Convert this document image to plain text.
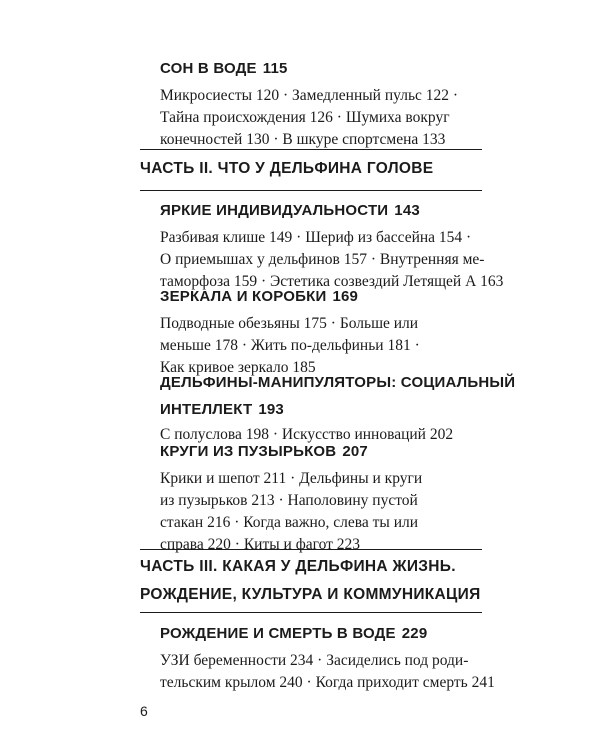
СОН В ВОДЕ 115
Микросиесты 120 · Замедленный пульс 122 ·
Тайна происхождения 126 · Шумиха вокруг
конечностей 130 · В шкуре спортсмена 133
ЧАСТЬ II. ЧТО У ДЕЛЬФИНА ГОЛОВЕ
ЯРКИЕ ИНДИВИДУАЛЬНОСТИ 143
Разбивая клише 149 · Шериф из бассейна 154 ·
О приемышах у дельфинов 157 · Внутренняя ме-
таморфоза 159 · Эстетика созвездий Летящей А 163
ЗЕРКАЛА И КОРОБКИ 169
Подводные обезьяны 175 · Больше или
меньше 178 · Жить по-дельфиньи 181 ·
Как кривое зеркало 185
ДЕЛЬФИНЫ-МАНИПУЛЯТОРЫ: СОЦИАЛЬНЫЙ
ИНТЕЛЛЕКТ 193
С полуслова 198 · Искусство инноваций 202
КРУГИ ИЗ ПУЗЫРЬКОВ 207
Крики и шепот 211 · Дельфины и круги
из пузырьков 213 · Наполовину пустой
стакан 216 · Когда важно, слева ты или
справа 220 · Киты и фагот 223
ЧАСТЬ III. КАКАЯ У ДЕЛЬФИНА ЖИЗНЬ.
РОЖДЕНИЕ, КУЛЬТУРА И КОММУНИКАЦИЯ
РОЖДЕНИЕ И СМЕРТЬ В ВОДЕ 229
УЗИ беременности 234 · Засиделись под роди-
тельским крылом 240 · Когда приходит смерть 241
6
